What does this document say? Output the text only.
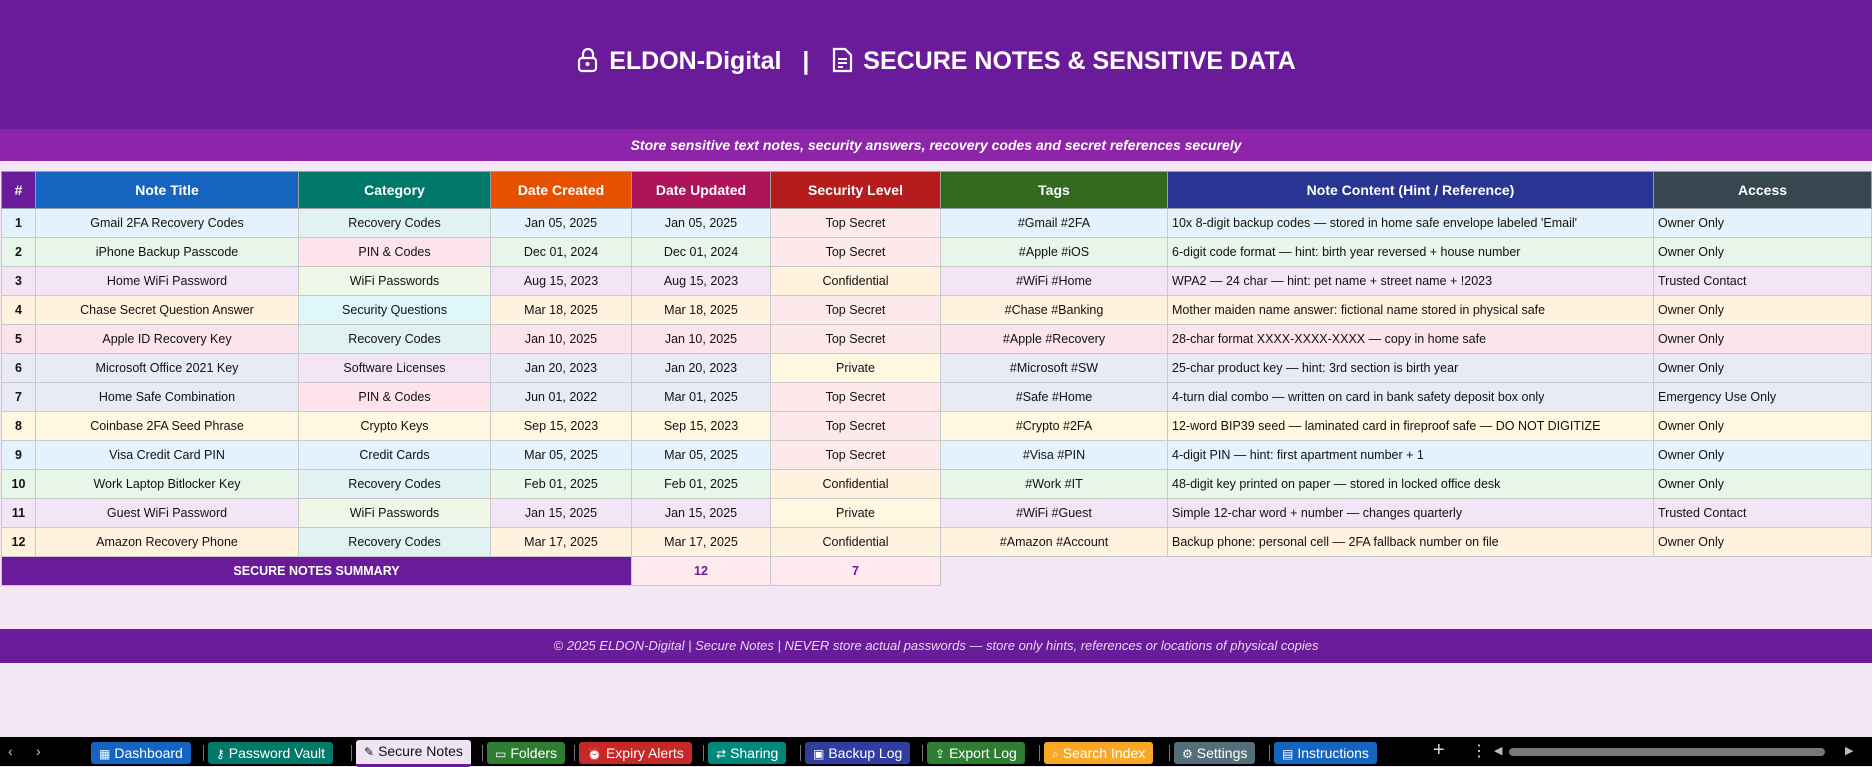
ELDON-Digital | SECURE NOTES & SENSITIVE DATA
Store sensitive text notes, security answers, recovery codes and secret references securely
#	Note Title	Category	Date Created	Date Updated	Security Level	Tags	Note Content (Hint / Reference)	Access
1	Gmail 2FA Recovery Codes	Recovery Codes	Jan 05, 2025	Jan 05, 2025	Top Secret	#Gmail #2FA	10x 8-digit backup codes — stored in home safe envelope labeled 'Email'	Owner Only
2	iPhone Backup Passcode	PIN & Codes	Dec 01, 2024	Dec 01, 2024	Top Secret	#Apple #iOS	6-digit code format — hint: birth year reversed + house number	Owner Only
3	Home WiFi Password	WiFi Passwords	Aug 15, 2023	Aug 15, 2023	Confidential	#WiFi #Home	WPA2 — 24 char — hint: pet name + street name + !2023	Trusted Contact
4	Chase Secret Question Answer	Security Questions	Mar 18, 2025	Mar 18, 2025	Top Secret	#Chase #Banking	Mother maiden name answer: fictional name stored in physical safe	Owner Only
5	Apple ID Recovery Key	Recovery Codes	Jan 10, 2025	Jan 10, 2025	Top Secret	#Apple #Recovery	28-char format XXXX-XXXX-XXXX — copy in home safe	Owner Only
6	Microsoft Office 2021 Key	Software Licenses	Jan 20, 2023	Jan 20, 2023	Private	#Microsoft #SW	25-char product key — hint: 3rd section is birth year	Owner Only
7	Home Safe Combination	PIN & Codes	Jun 01, 2022	Mar 01, 2025	Top Secret	#Safe #Home	4-turn dial combo — written on card in bank safety deposit box only	Emergency Use Only
8	Coinbase 2FA Seed Phrase	Crypto Keys	Sep 15, 2023	Sep 15, 2023	Top Secret	#Crypto #2FA	12-word BIP39 seed — laminated card in fireproof safe — DO NOT DIGITIZE	Owner Only
9	Visa Credit Card PIN	Credit Cards	Mar 05, 2025	Mar 05, 2025	Top Secret	#Visa #PIN	4-digit PIN — hint: first apartment number + 1	Owner Only
10	Work Laptop Bitlocker Key	Recovery Codes	Feb 01, 2025	Feb 01, 2025	Confidential	#Work #IT	48-digit key printed on paper — stored in locked office desk	Owner Only
11	Guest WiFi Password	WiFi Passwords	Jan 15, 2025	Jan 15, 2025	Private	#WiFi #Guest	Simple 12-char word + number — changes quarterly	Trusted Contact
12	Amazon Recovery Phone	Recovery Codes	Mar 17, 2025	Mar 17, 2025	Confidential	#Amazon #Account	Backup phone: personal cell — 2FA fallback number on file	Owner Only
SECURE NOTES SUMMARY				12	7			
© 2025 ELDON-Digital | Secure Notes | NEVER store actual passwords — store only hints, references or locations of physical copies
‹ ›	▦ Dashboard	⚷ Password Vault	✎ Secure Notes	▭ Folders	⏰ Expiry Alerts	⇄ Sharing	▣ Backup Log	⇪ Export Log	⌕ Search Index	⚙ Settings	▤ Instructions	+ ⋮ ◀	▶
